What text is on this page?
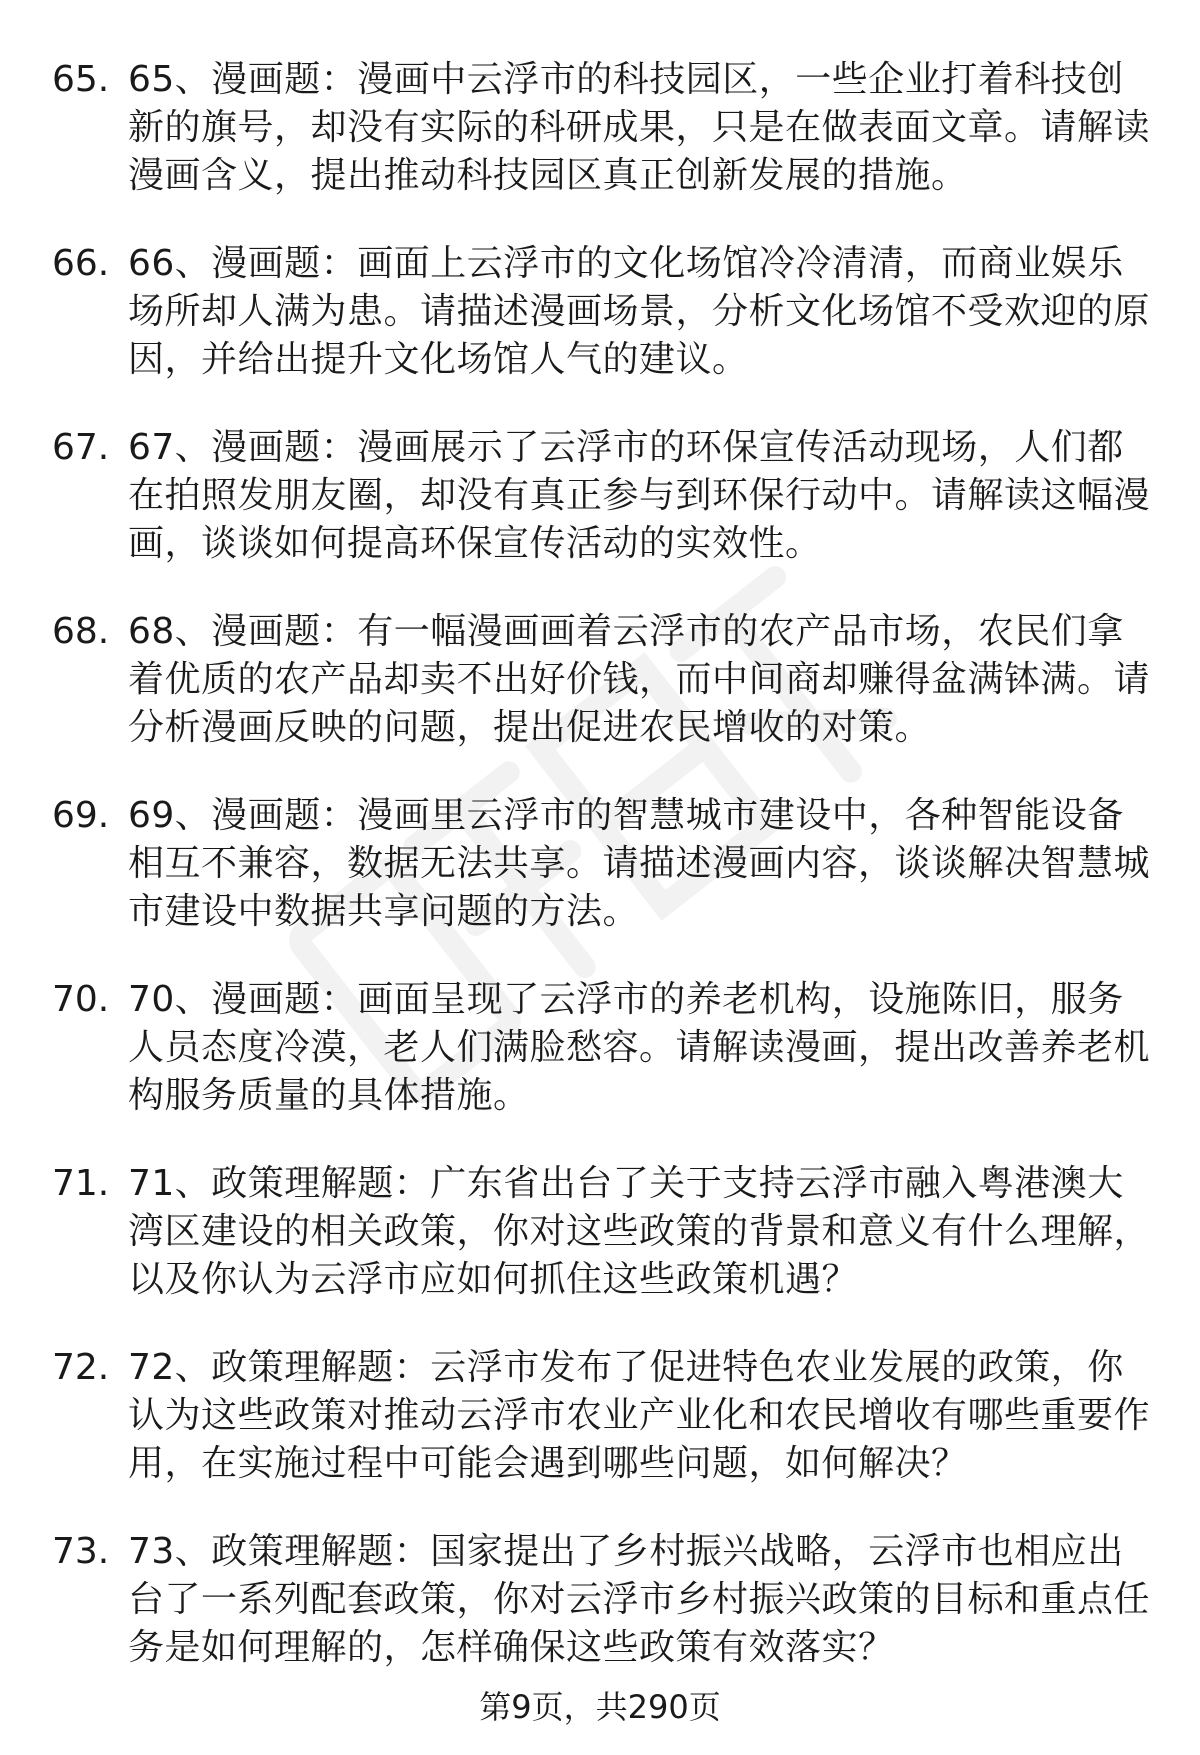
65. 65、漫画题：漫画中云浮市的科技园区，一些企业打着科技创新的旗号，却没有实际的科研成果，只是在做表面文章。请解读漫画含义，提出推动科技园区真正创新发展的措施。
66. 66、漫画题：画面上云浮市的文化场馆冷冷清清，而商业娱乐场所却人满为患。请描述漫画场景，分析文化场馆不受欢迎的原因，并给出提升文化场馆人气的建议。
67. 67、漫画题：漫画展示了云浮市的环保宣传活动现场，人们都在拍照发朋友圈，却没有真正参与到环保行动中。请解读这幅漫画，谈谈如何提高环保宣传活动的实效性。
68. 68、漫画题：有一幅漫画画着云浮市的农产品市场，农民们拿着优质的农产品却卖不出好价钱，而中间商却赚得盆满钵满。请分析漫画反映的问题，提出促进农民增收的对策。
69. 69、漫画题：漫画里云浮市的智慧城市建设中，各种智能设备相互不兼容，数据无法共享。请描述漫画内容，谈谈解决智慧城市建设中数据共享问题的方法。
70. 70、漫画题：画面呈现了云浮市的养老机构，设施陈旧，服务人员态度冷漠，老人们满脸愁容。请解读漫画，提出改善养老机构服务质量的具体措施。
71. 71、政策理解题：广东省出台了关于支持云浮市融入粤港澳大湾区建设的相关政策，你对这些政策的背景和意义有什么理解，以及你认为云浮市应如何抓住这些政策机遇？
72. 72、政策理解题：云浮市发布了促进特色农业发展的政策，你认为这些政策对推动云浮市农业产业化和农民增收有哪些重要作用，在实施过程中可能会遇到哪些问题，如何解决？
73. 73、政策理解题：国家提出了乡村振兴战略，云浮市也相应出台了一系列配套政策，你对云浮市乡村振兴政策的目标和重点任务是如何理解的，怎样确保这些政策有效落实？
第9页，共290页
